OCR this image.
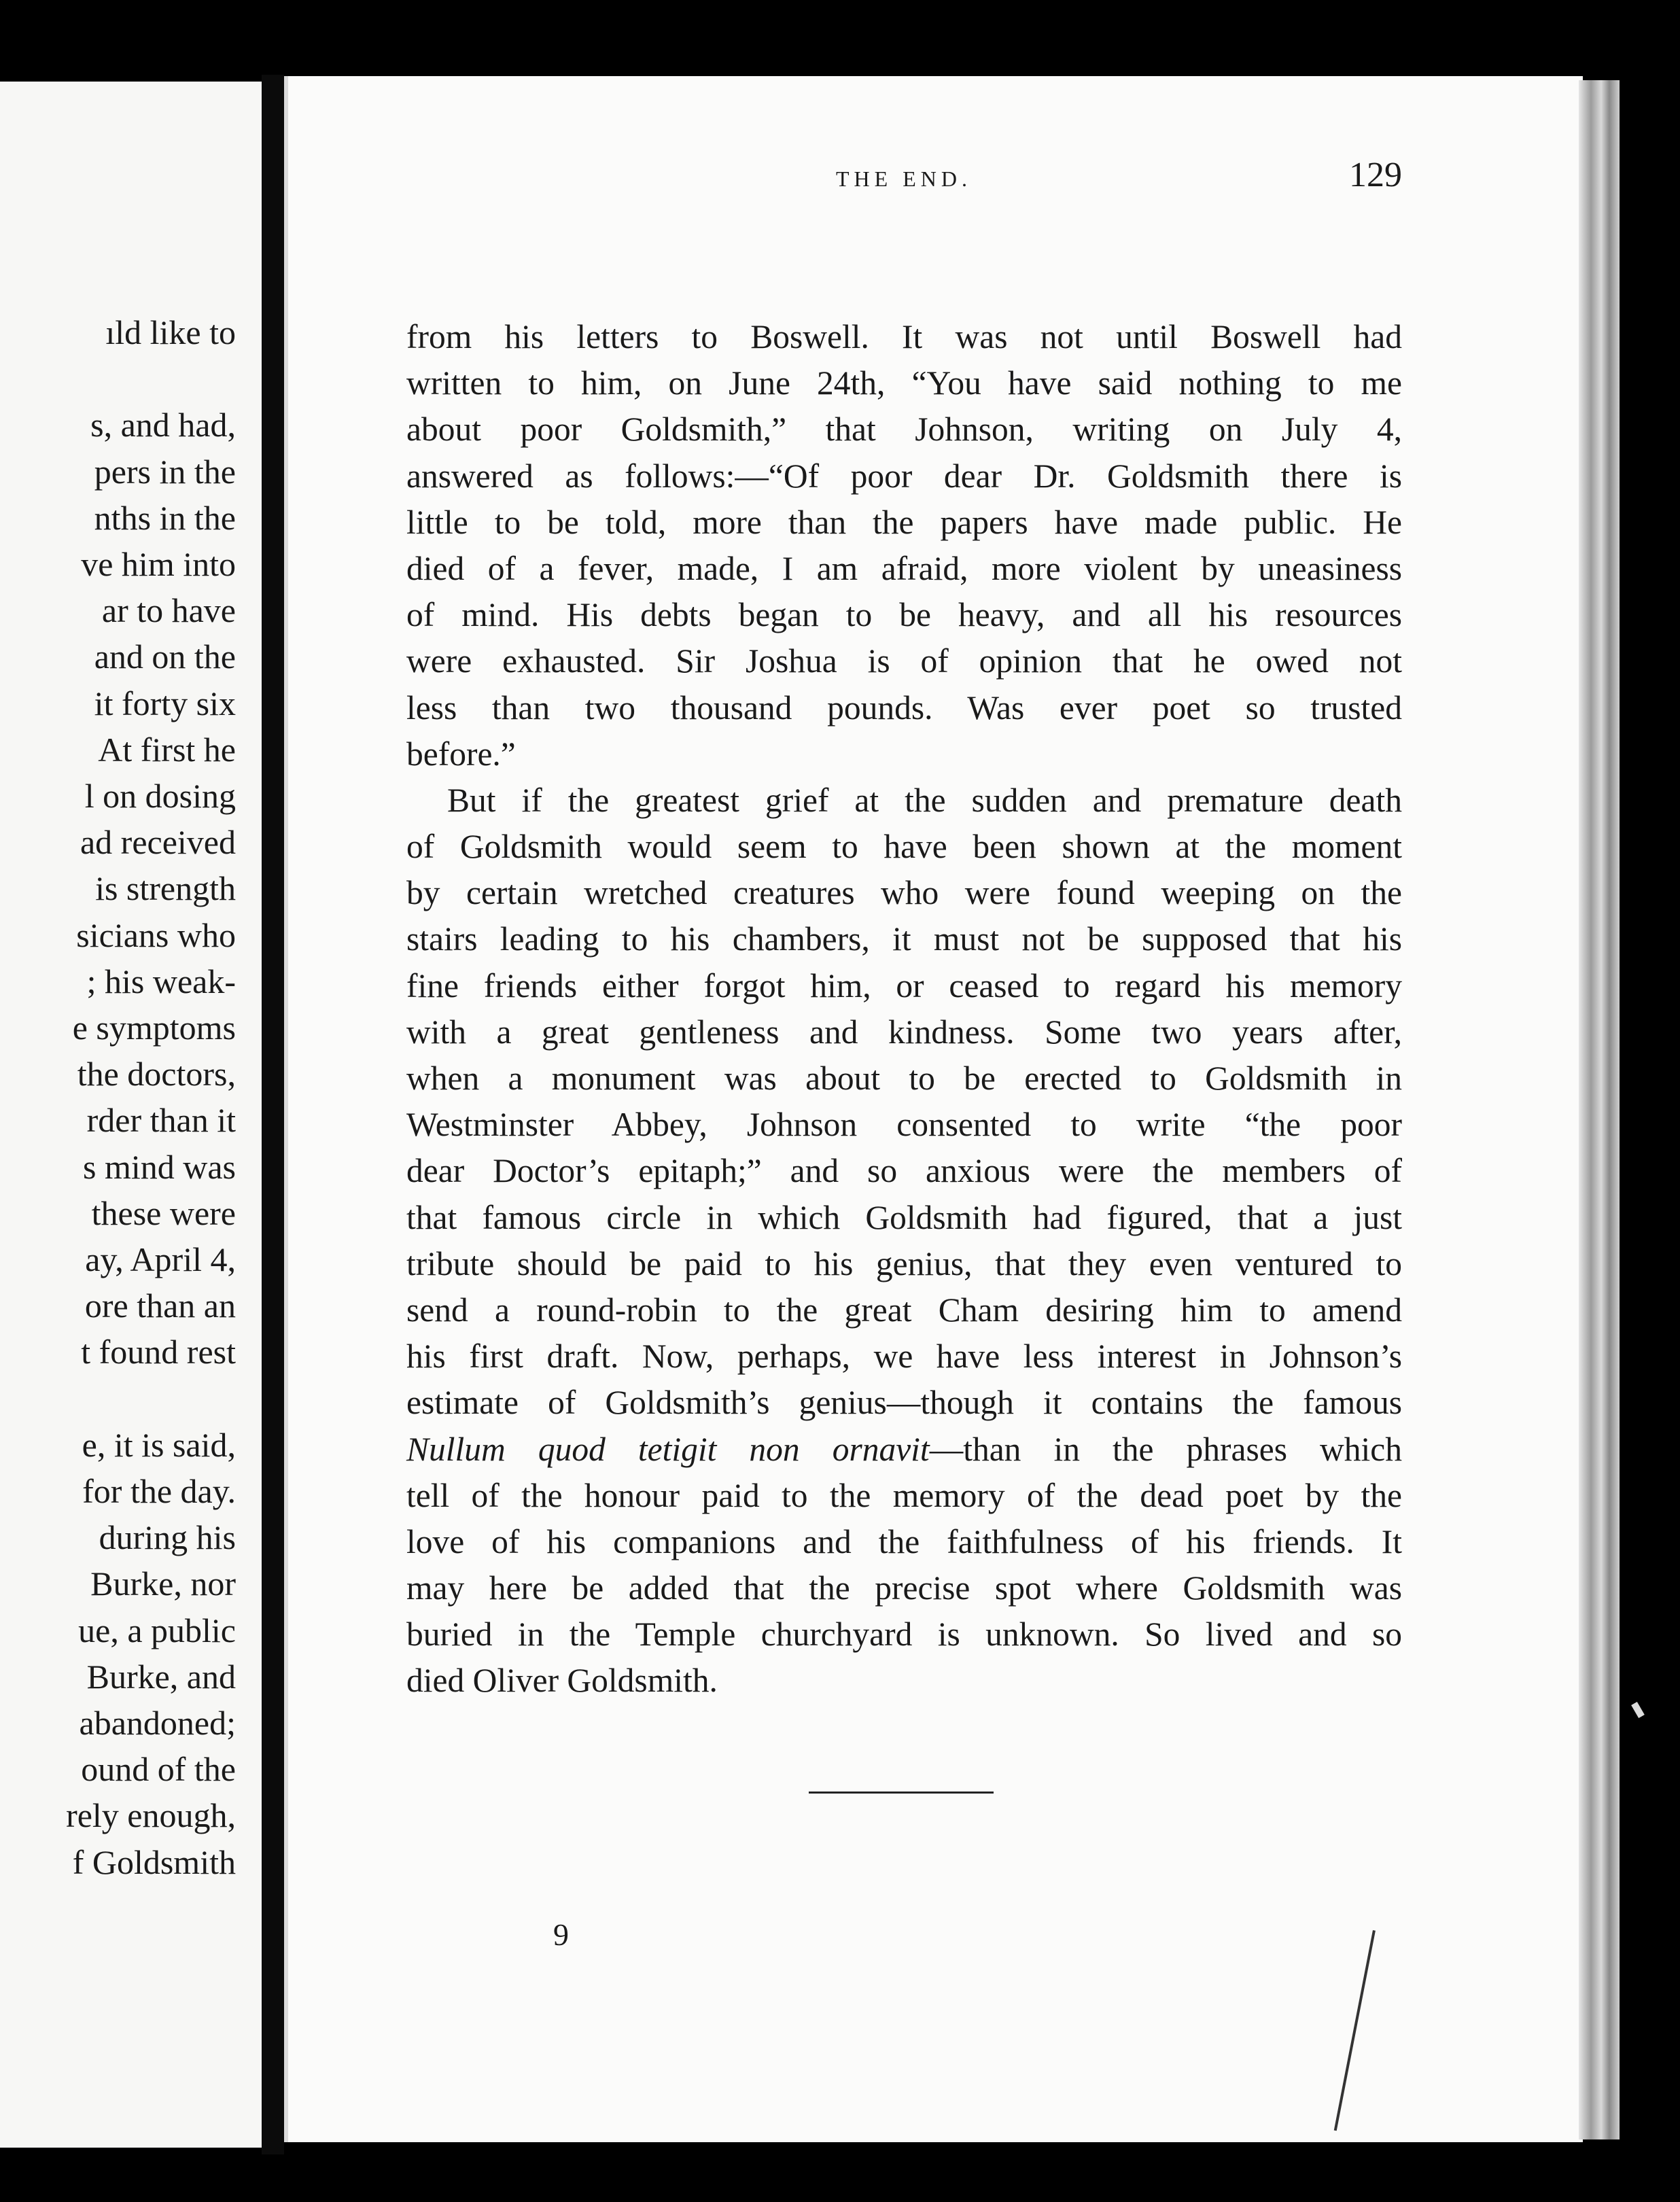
ıld like to
s, and had,
pers in the
nths in the
ve him into
ar to have
and on the
it forty six
At first he
l on dosing
ad received
is strength
sicians who
; his weak-
e symptoms
the doctors,
rder than it
s mind was
these were
ay, April 4,
ore than an
t found rest
e, it is said,
for the day.
during his
Burke, nor
ue, a public
Burke, and
abandoned;
ound of the
rely enough,
f Goldsmith
THE END.	129
from his letters to Boswell. It was not until Boswell had
written to him, on June 24th, “You have said nothing to me
about poor Goldsmith,” that Johnson, writing on July 4,
answered as follows:—“Of poor dear Dr. Goldsmith there is
little to be told, more than the papers have made public. He
died of a fever, made, I am afraid, more violent by uneasiness
of mind. His debts began to be heavy, and all his resources
were exhausted. Sir Joshua is of opinion that he owed not
less than two thousand pounds. Was ever poet so trusted
before.”
But if the greatest grief at the sudden and premature death
of Goldsmith would seem to have been shown at the moment
by certain wretched creatures who were found weeping on the
stairs leading to his chambers, it must not be supposed that his
fine friends either forgot him, or ceased to regard his memory
with a great gentleness and kindness. Some two years after,
when a monument was about to be erected to Goldsmith in
Westminster Abbey, Johnson consented to write “the poor
dear Doctor’s epitaph;” and so anxious were the members of
that famous circle in which Goldsmith had figured, that a just
tribute should be paid to his genius, that they even ventured to
send a round-robin to the great Cham desiring him to amend
his first draft. Now, perhaps, we have less interest in Johnson’s
estimate of Goldsmith’s genius—though it contains the famous
Nullum quod tetigit non ornavit—than in the phrases which
tell of the honour paid to the memory of the dead poet by the
love of his companions and the faithfulness of his friends. It
may here be added that the precise spot where Goldsmith was
buried in the Temple churchyard is unknown. So lived and so
died Oliver Goldsmith.
9
